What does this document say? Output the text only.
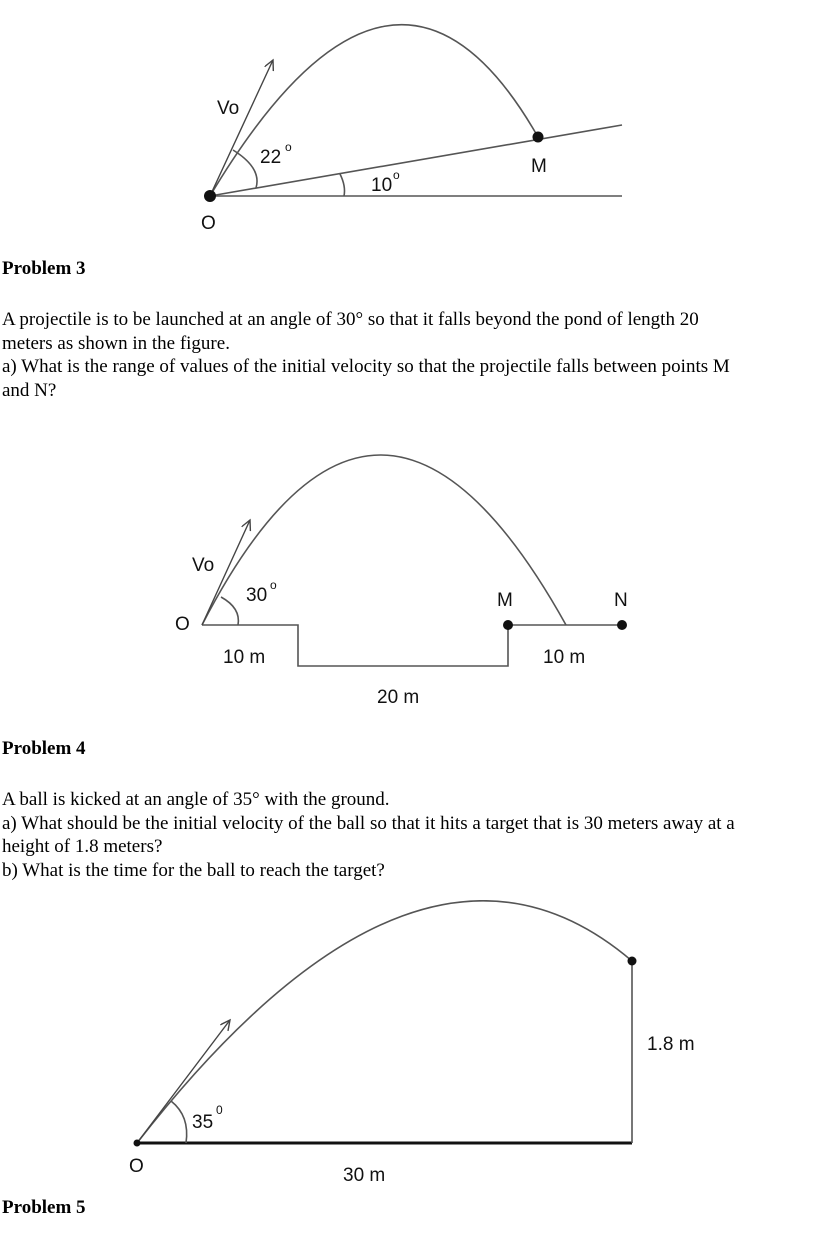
Vo
22 o
10 o	M
O
Problem 3

A projectile is to be launched at an angle of 30° so that it falls beyond the pond of length 20

meters as shown in the figure.

a) What is the range of values of the initial velocity so that the projectile falls between points M

and N?

Vo
30 o
O
M	N
10 m	10 m
20 m
Problem 4

A ball is kicked at an angle of 35° with the ground.

a) What should be the initial velocity of the ball so that it hits a target that is 30 meters away at a

height of 1.8 meters?

b) What is the time for the ball to reach the target?

35
0
O	30 m
1.8 m
Problem 5
